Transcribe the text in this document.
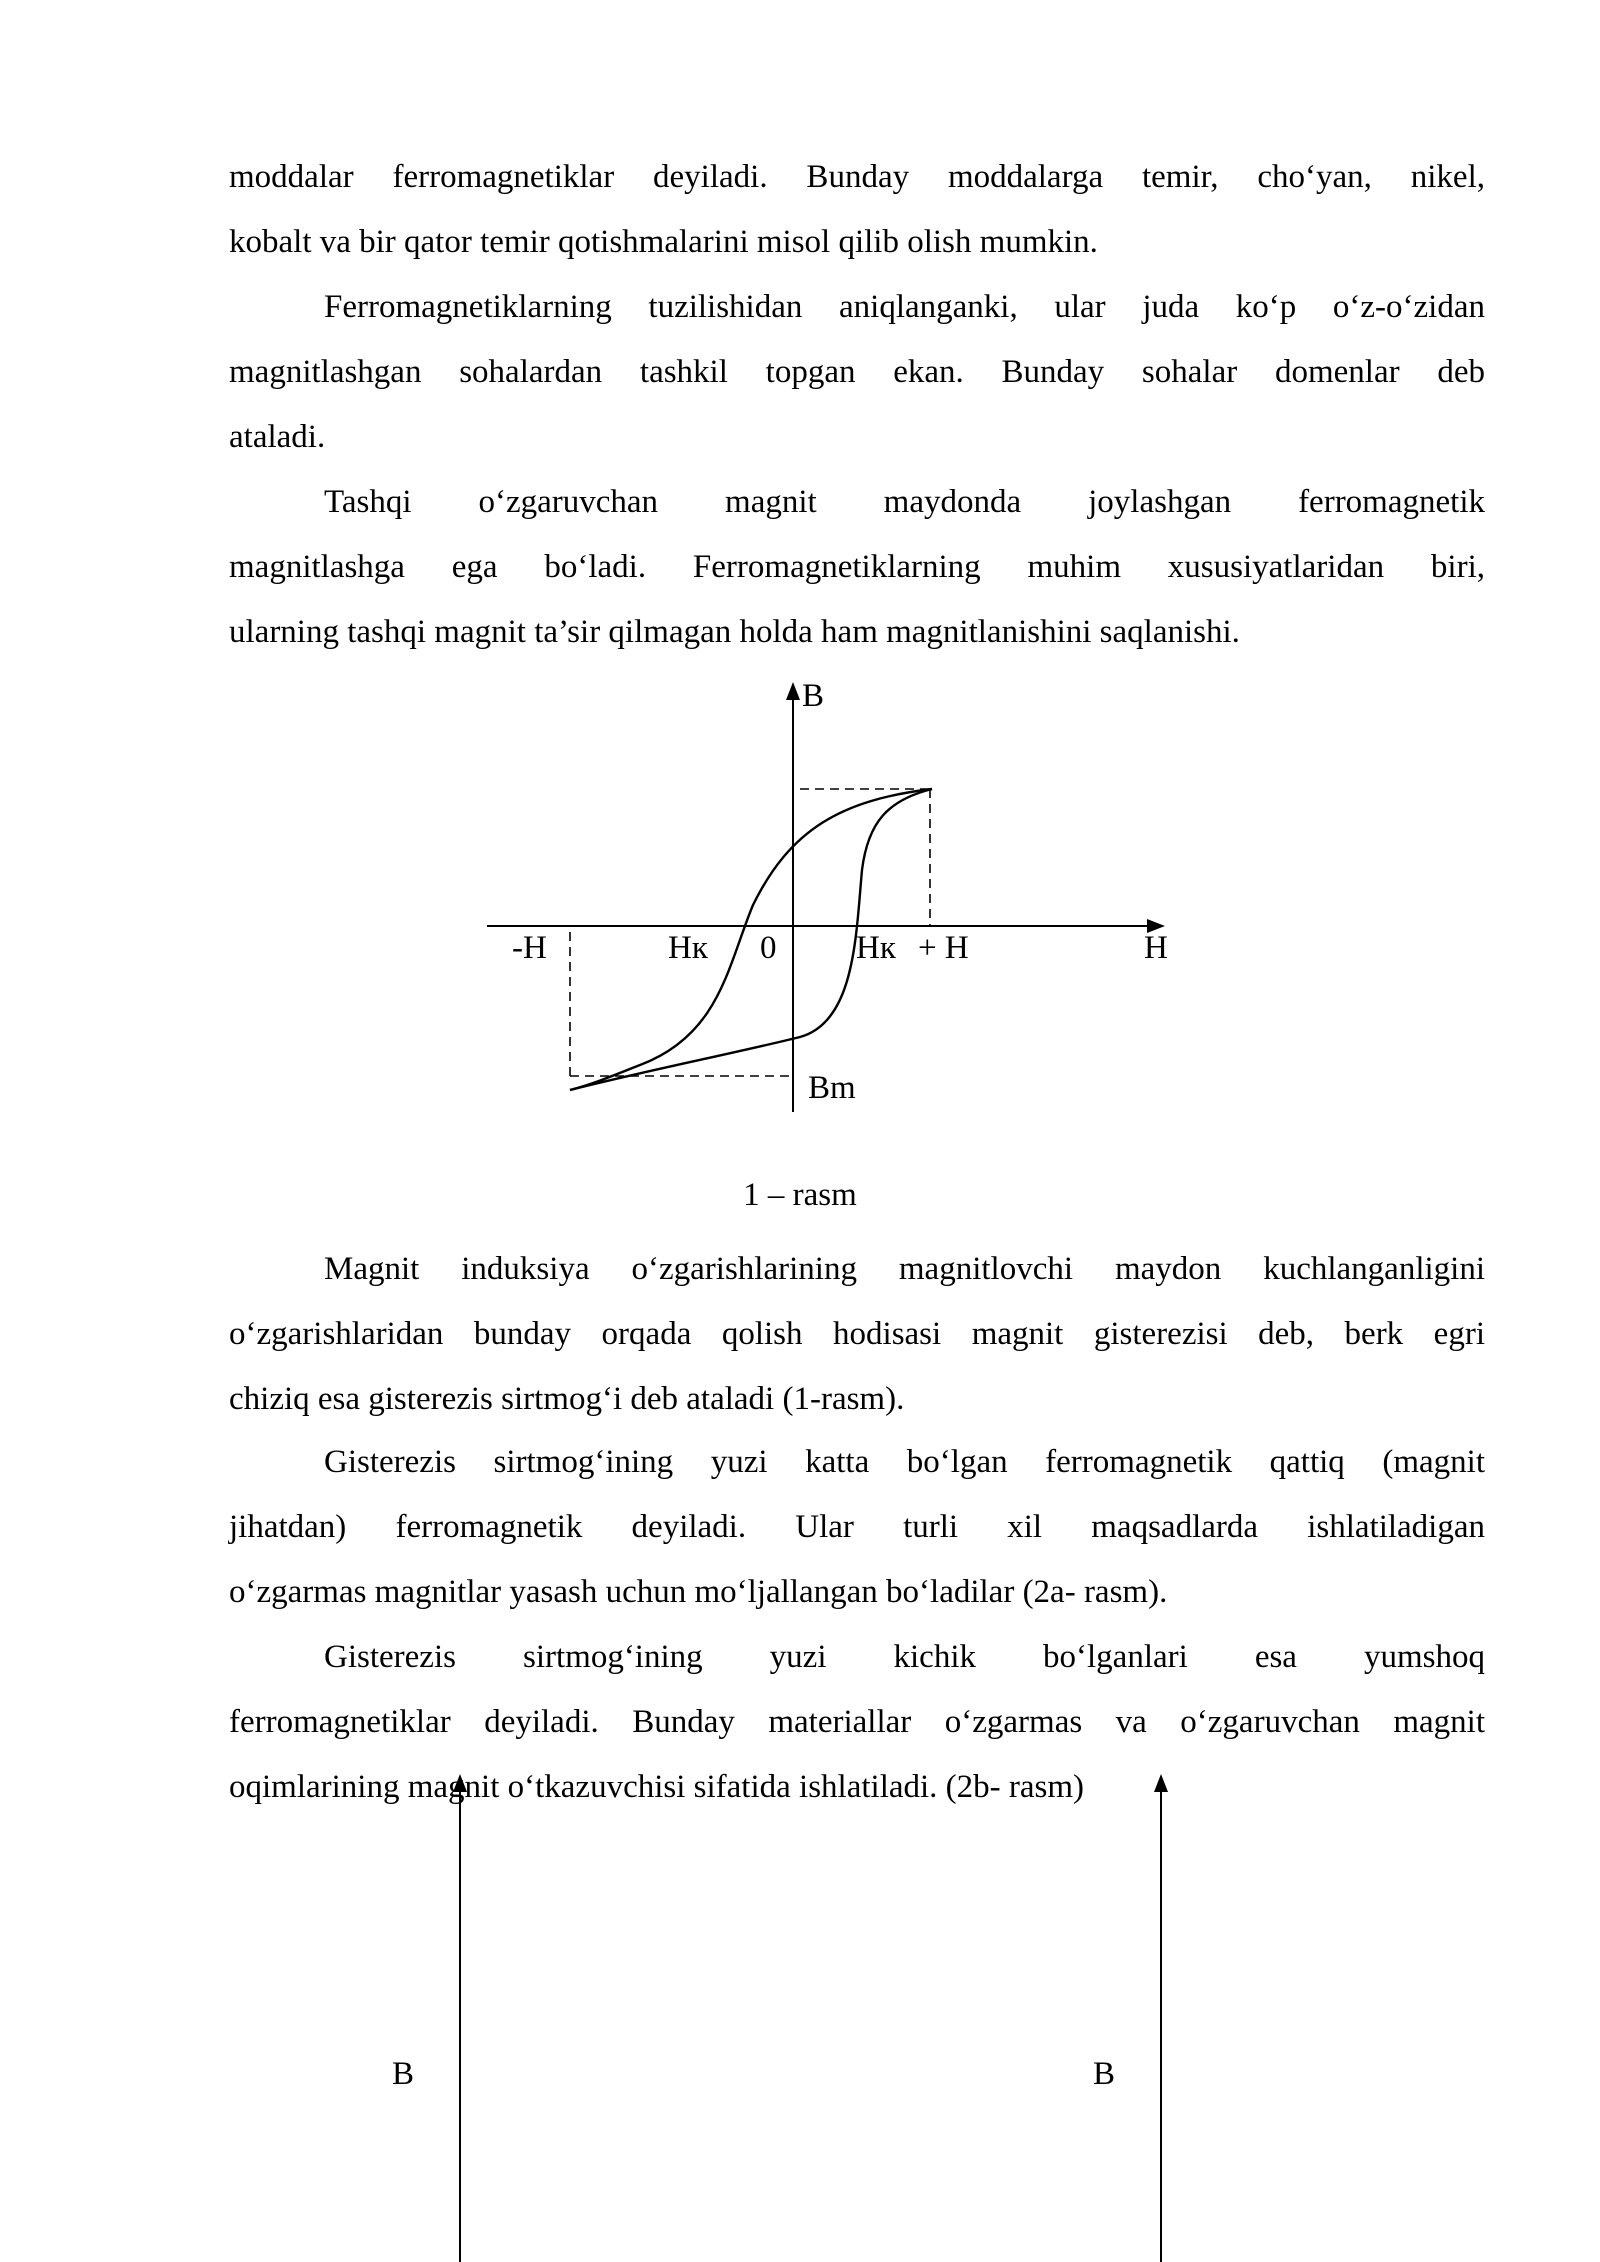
moddalar ferromagnetiklar deyiladi. Bunday moddalarga temir, cho‘yan, nikel,
kobalt va bir qator temir qotishmalarini misol qilib olish mumkin.
Ferromagnetiklarning tuzilishidan aniqlanganki, ular juda ko‘p o‘z-o‘zidan
magnitlashgan sohalardan tashkil topgan ekan. Bunday sohalar domenlar deb
ataladi.
Tashqi o‘zgaruvchan magnit maydonda joylashgan ferromagnetik
magnitlashga ega bo‘ladi. Ferromagnetiklarning muhim xususiyatlaridan biri,
ularning tashqi magnit ta’sir qilmagan holda ham magnitlanishini saqlanishi.
B
H
-H	Hк 0 Hк + H
Bm
B	B
1 – rasm
Magnit induksiya o‘zgarishlarining magnitlovchi maydon kuchlanganligini
o‘zgarishlaridan bunday orqada qolish hodisasi magnit gisterezisi deb, berk egri
chiziq esa gisterezis sirtmog‘i deb ataladi (1-rasm).
Gisterezis sirtmog‘ining yuzi katta bo‘lgan ferromagnetik qattiq (magnit
jihatdan) ferromagnetik deyiladi. Ular turli xil maqsadlarda ishlatiladigan
o‘zgarmas magnitlar yasash uchun mo‘ljallangan bo‘ladilar (2a- rasm).
Gisterezis sirtmog‘ining yuzi kichik bo‘lganlari esa yumshoq
ferromagnetiklar deyiladi. Bunday materiallar o‘zgarmas va o‘zgaruvchan magnit
oqimlarining magnit o‘tkazuvchisi sifatida ishlatiladi. (2b- rasm)
